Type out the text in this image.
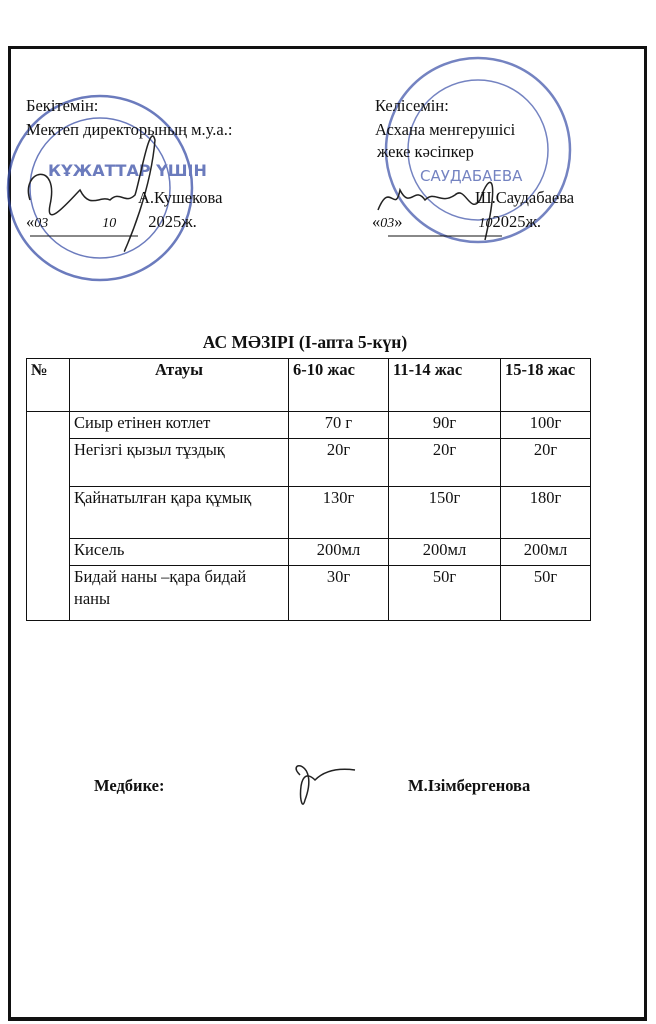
КҰЖАТТАР ҮШІН	САУДАБАЕВА
Бекітемін:
Мектеп директорының м.у.а.:
А.Кушекова
«03	10 2025ж.
Келісемін:
Асхана менгерушісі
жеке кәсіпкер
Ш.Саудабаева
«03»	102025ж.
АС МӘЗІРІ (І-апта 5-күн)
№	Атауы	6-10 жас	11-14 жас	15-18 жас
	Сиыр етінен котлет	70 г	90г	100г
	Негізгі қызыл тұздық	20г	20г	20г
	Қайнатылған қара құмық	130г	150г	180г
	Кисель	200мл	200мл	200мл
	Бидай наны –қара бидай наны	30г	50г	50г
Медбике:	М.Ізімбергенова
